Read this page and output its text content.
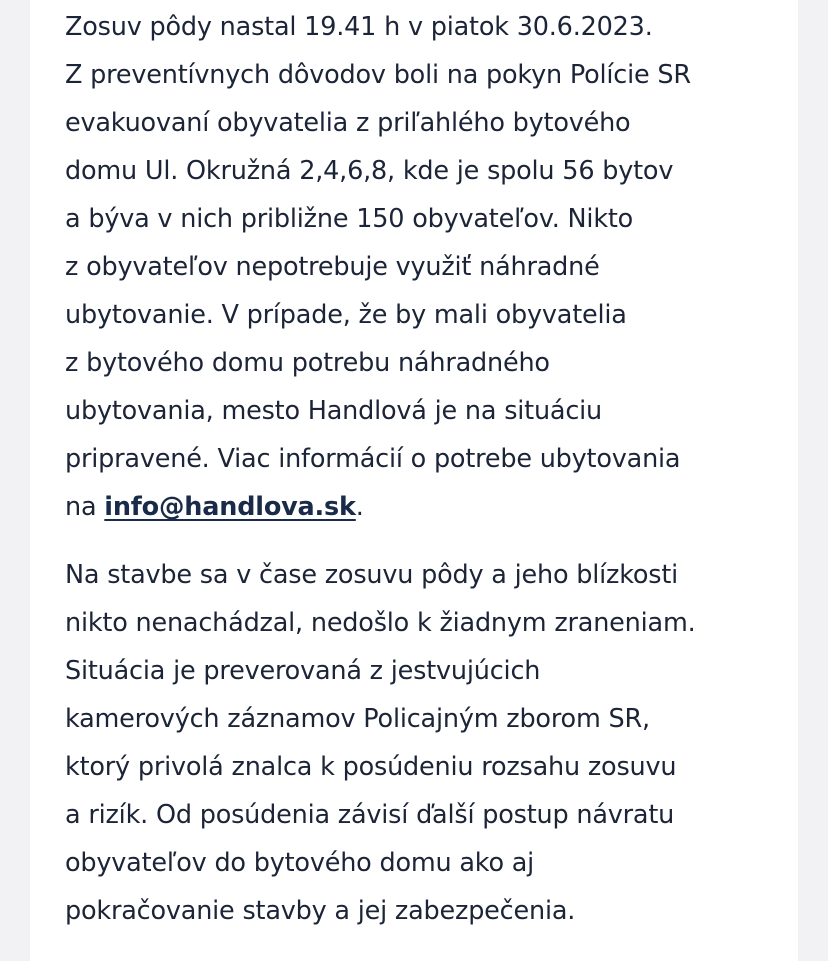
Zosuv pôdy nastal 19.41 h v piatok 30.6.2023.
Z preventívnych dôvodov boli na pokyn Polície SR
evakuovaní obyvatelia z priľahlého bytového
domu Ul. Okružná 2,4,6,8, kde je spolu 56 bytov
a býva v nich približne 150 obyvateľov. Nikto
z obyvateľov nepotrebuje využiť náhradné
ubytovanie. V prípade, že by mali obyvatelia
z bytového domu potrebu náhradného
ubytovania, mesto Handlová je na situáciu
pripravené. Viac informácií o potrebe ubytovania
na info@handlova.sk.
Na stavbe sa v čase zosuvu pôdy a jeho blízkosti
nikto nenachádzal, nedošlo k žiadnym zraneniam.
Situácia je preverovaná z jestvujúcich
kamerových záznamov Policajným zborom SR,
ktorý privolá znalca k posúdeniu rozsahu zosuvu
a rizík. Od posúdenia závisí ďalší postup návratu
obyvateľov do bytového domu ako aj
pokračovanie stavby a jej zabezpečenia.
